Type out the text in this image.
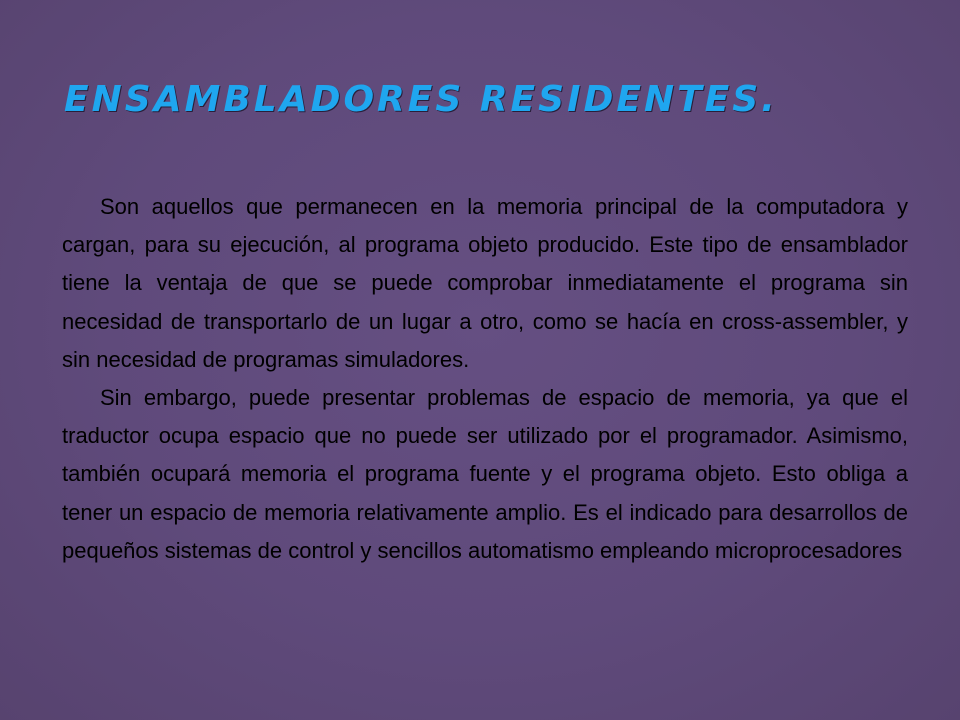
ENSAMBLADORES RESIDENTES.

Son aquellos que permanecen en la memoria principal de la computadora y cargan, para su ejecución, al programa objeto producido. Este tipo de ensamblador tiene la ventaja de que se puede comprobar inmediatamente el programa sin necesidad de transportarlo de un lugar a otro, como se hacía en cross-assembler, y sin necesidad de programas simuladores.

Sin embargo, puede presentar problemas de espacio de memoria, ya que el traductor ocupa espacio que no puede ser utilizado por el programador. Asimismo, también ocupará memoria el programa fuente y el programa objeto. Esto obliga a tener un espacio de memoria relativamente amplio. Es el indicado para desarrollos de pequeños sistemas de control y sencillos automatismo empleando microprocesadores
